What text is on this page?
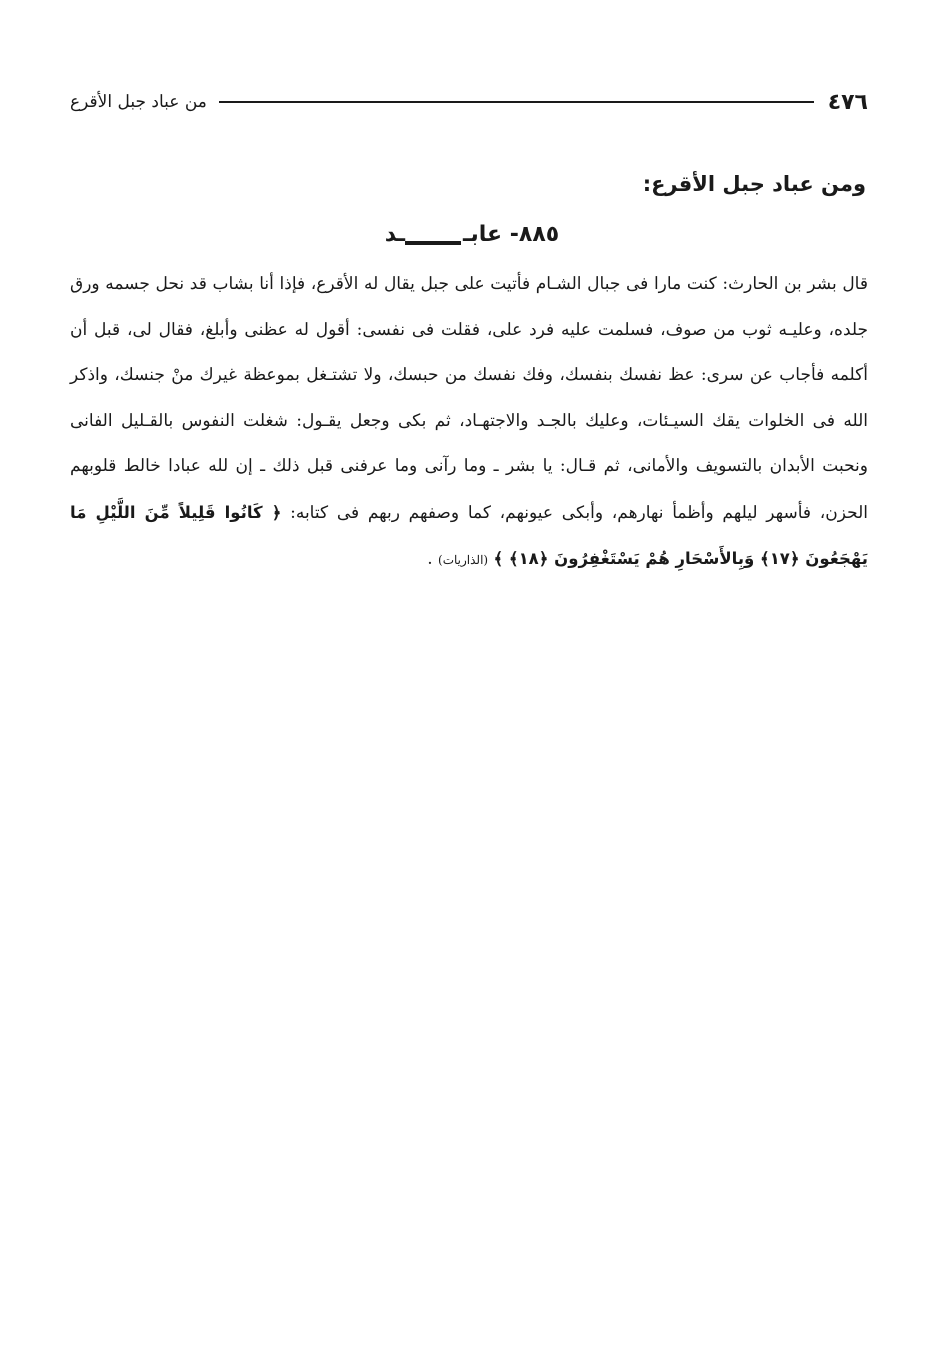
٤٧٦
من عباد جبل الأقرع
ومن عباد جبل الأقرع:
٨٨٥- عابــد

قال بشر بن الحارث: كنت مارا فى جبال الشـام فأتيت على جبل يقال له الأقرع، فإذا أنا بشاب قد نحل جسمه ورق جلده، وعليـه ثوب من صوف، فسلمت عليه فرد على، فقلت فى نفسى: أقول له عظنى وأبلغ، فقال لى، قبل أن أكلمه فأجاب عن سرى: عظ نفسك بنفسك، وفك نفسك من حبسك، ولا تشتـغل بموعظة غيرك منْ جنسك، واذكر الله فى الخلوات يقك السيـئات، وعليك بالجـد والاجتهـاد، ثم بكى وجعل يقـول: شغلت النفوس بالقـليل الفانى ونحبت الأبدان بالتسويف والأمانى، ثم قـال: يا بشر ـ وما رآنى وما عرفنى قبل ذلك ـ إن لله عبادا خالط قلوبهم الحزن، فأسهر ليلهم وأظمأ نهارهم، وأبكى عيونهم، كما وصفهم ربهم فى كتابه: ﴿ كَانُوا قَلِيلاً مِّنَ اللَّيْلِ مَا يَهْجَعُونَ ﴿١٧﴾ وَبِالأَسْحَارِ هُمْ يَسْتَغْفِرُونَ ﴿١٨﴾ ﴾ (الذاريات) .
